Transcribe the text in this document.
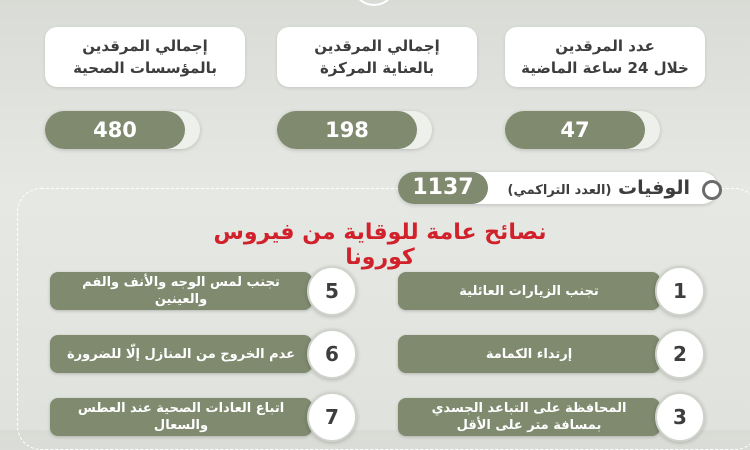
47
عدد المرقدين
خلال 24 ساعة الماضية
198
إجمالي المرقدين
بالعناية المركزة
480
إجمالي المرقدين
بالمؤسسات الصحية
1137	الوفيات (العدد التراكمي)
نصائح عامة للوقاية من فيروس كورونا
تجنب الزيارات العائلية	1
إرتداء الكمامة	2
المحافظة على التباعد الجسدي بمسافة متر على الأقل	3
تجنب لمس الوجه والأنف والفم والعينين	5
عدم الخروج من المنازل إلّا للضرورة	6
اتباع العادات الصحية عند العطس والسعال	7
